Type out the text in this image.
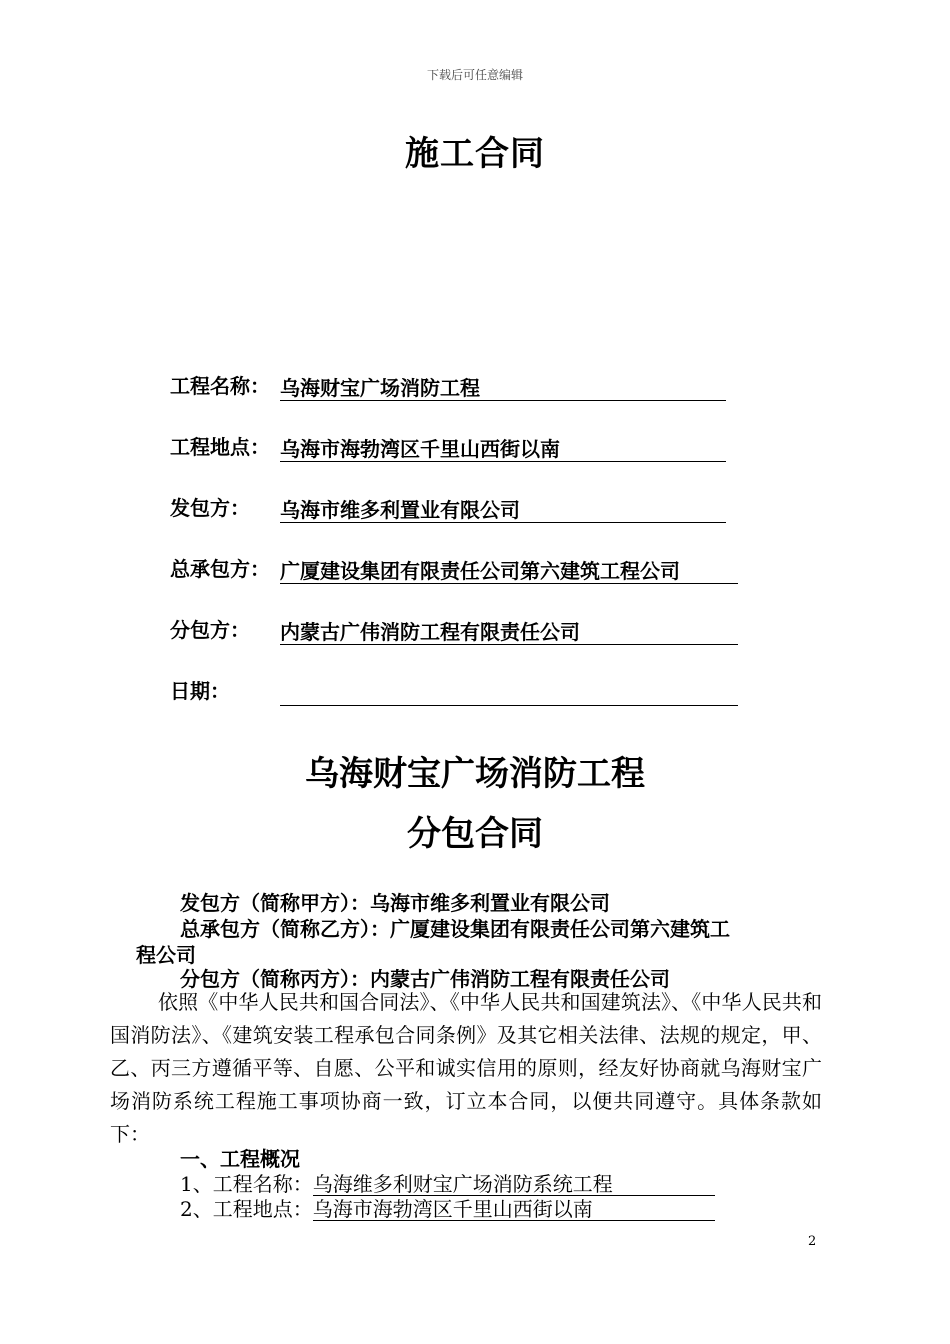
下载后可任意编辑
施工合同
工程名称： 乌海财宝广场消防工程
工程地点： 乌海市海勃湾区千里山西街以南
发包方： 乌海市维多利置业有限公司
总承包方： 广厦建设集团有限责任公司第六建筑工程公司
分包方： 内蒙古广伟消防工程有限责任公司
日期：
乌海财宝广场消防工程
分包合同
发包方（简称甲方）：乌海市维多利置业有限公司
总承包方（简称乙方）：广厦建设集团有限责任公司第六建筑工
程公司
分包方（简称丙方）：内蒙古广伟消防工程有限责任公司
依照《中华人民共和国合同法》、《中华人民共和国建筑法》、《中华人民共和国消防法》、《建筑安装工程承包合同条例》及其它相关法律、法规的规定，甲、乙、丙三方遵循平等、自愿、公平和诚实信用的原则，经友好协商就乌海财宝广场消防系统工程施工事项协商一致，订立本合同，以便共同遵守。具体条款如下：
一、工程概况
1、工程名称：乌海维多利财宝广场消防系统工程
2、工程地点：乌海市海勃湾区千里山西街以南
2
